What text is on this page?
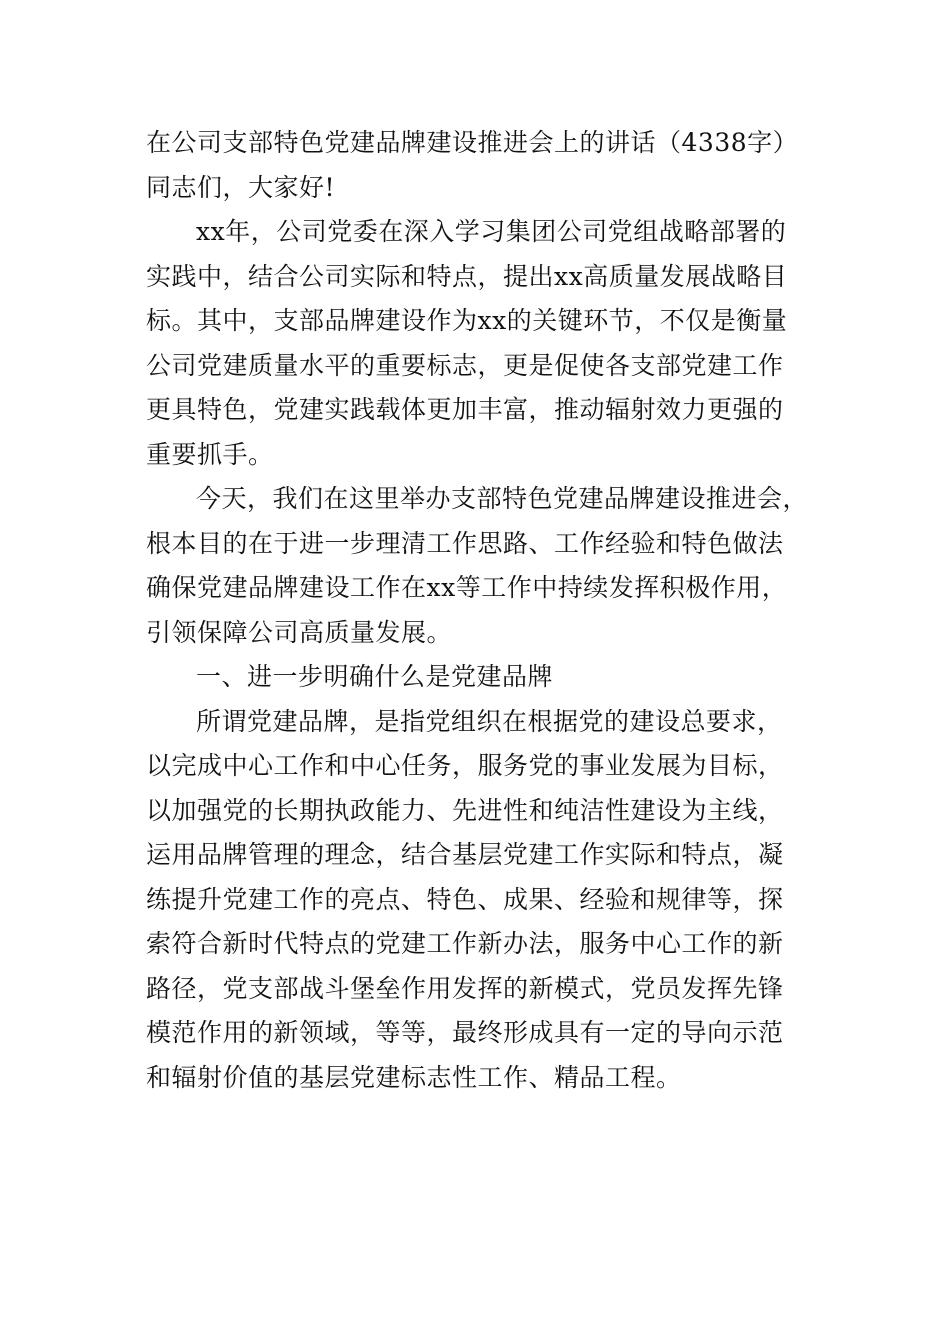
在公司支部特色党建品牌建设推进会上的讲话（4338字）
同志们，大家好!
xx年，公司党委在深入学习集团公司党组战略部署的
实践中，结合公司实际和特点，提出xx高质量发展战略目
标。其中，支部品牌建设作为xx的关键环节，不仅是衡量
公司党建质量水平的重要标志，更是促使各支部党建工作
更具特色，党建实践载体更加丰富，推动辐射效力更强的
重要抓手。
今天，我们在这里举办支部特色党建品牌建设推进会，
根本目的在于进一步理清工作思路、工作经验和特色做法
确保党建品牌建设工作在xx等工作中持续发挥积极作用，
引领保障公司高质量发展。
一、进一步明确什么是党建品牌
所谓党建品牌，是指党组织在根据党的建设总要求，
以完成中心工作和中心任务，服务党的事业发展为目标，
以加强党的长期执政能力、先进性和纯洁性建设为主线，
运用品牌管理的理念，结合基层党建工作实际和特点，凝
练提升党建工作的亮点、特色、成果、经验和规律等，探
索符合新时代特点的党建工作新办法，服务中心工作的新
路径，党支部战斗堡垒作用发挥的新模式，党员发挥先锋
模范作用的新领域，等等，最终形成具有一定的导向示范
和辐射价值的基层党建标志性工作、精品工程。
